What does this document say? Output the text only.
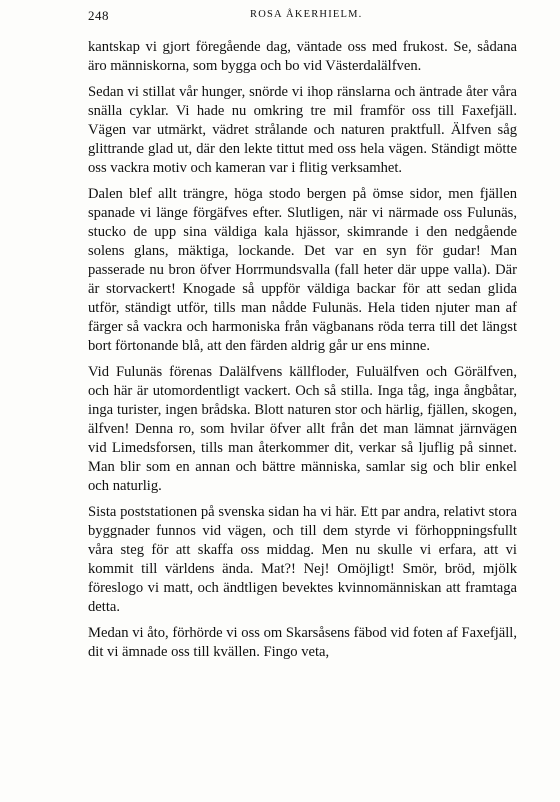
248	ROSA ÅKERHIELM.

kantskap vi gjort föregående dag, väntade oss med frukost. Se, sådana äro människorna, som bygga och bo vid Västerdalälfven.

Sedan vi stillat vår hunger, snörde vi ihop ränslarna och äntrade åter våra snälla cyklar. Vi hade nu omkring tre mil framför oss till Faxefjäll. Vägen var utmärkt, vädret strålande och naturen praktfull. Älfven såg glittrande glad ut, där den lekte tittut med oss hela vägen. Ständigt mötte oss vackra motiv och kameran var i flitig verksamhet.

Dalen blef allt trängre, höga stodo bergen på ömse sidor, men fjällen spanade vi länge förgäfves efter. Slutligen, när vi närmade oss Fulunäs, stucko de upp sina väldiga kala hjässor, skimrande i den nedgående solens glans, mäktiga, lockande. Det var en syn för gudar! Man passerade nu bron öfver Horrmundsvalla (fall heter där uppe valla). Där är storvackert! Knogade så uppför väldiga backar för att sedan glida utför, ständigt utför, tills man nådde Fulunäs. Hela tiden njuter man af färger så vackra och harmoniska från vägbanans röda terra till det längst bort förtonande blå, att den färden aldrig går ur ens minne.

Vid Fulunäs förenas Dalälfvens källfloder, Fuluälfven och Görälfven, och här är utomordentligt vackert. Och så stilla. Inga tåg, inga ångbåtar, inga turister, ingen brådska. Blott naturen stor och härlig, fjällen, skogen, älfven! Denna ro, som hvilar öfver allt från det man lämnat järnvägen vid Limedsforsen, tills man återkommer dit, verkar så ljuflig på sinnet. Man blir som en annan och bättre människa, samlar sig och blir enkel och naturlig.

Sista poststationen på svenska sidan ha vi här. Ett par andra, relativt stora byggnader funnos vid vägen, och till dem styrde vi förhoppningsfullt våra steg för att skaffa oss middag. Men nu skulle vi erfara, att vi kommit till världens ända. Mat?! Nej! Omöjligt! Smör, bröd, mjölk föreslogo vi matt, och ändtligen bevektes kvinnomänniskan att framtaga detta.

Medan vi åto, förhörde vi oss om Skarsåsens fäbod vid foten af Faxefjäll, dit vi ämnade oss till kvällen. Fingo veta,
